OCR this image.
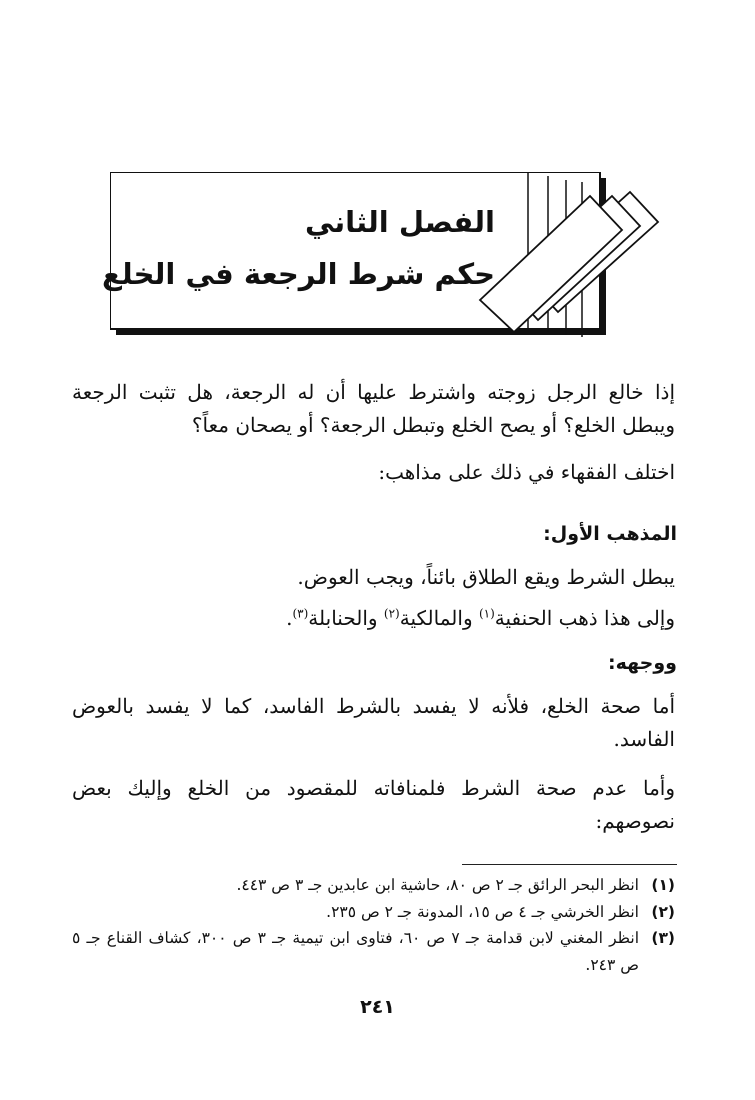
الفصل الثاني
حكم شرط الرجعة في الخلع
إذا خالع الرجل زوجته واشترط عليها أن له الرجعة، هل تثبت الرجعة ويبطل الخلع؟ أو يصح الخلع وتبطل الرجعة؟ أو يصحان معاً؟
اختلف الفقهاء في ذلك على مذاهب:
المذهب الأول:
يبطل الشرط ويقع الطلاق بائناً، ويجب العوض.
وإلى هذا ذهب الحنفية$^{(١)}$ والمالكية$^{(٢)}$ والحنابلة$^{(٣)}$.
ووجهه:
أما صحة الخلع، فلأنه لا يفسد بالشرط الفاسد، كما لا يفسد بالعوض الفاسد.
وأما عدم صحة الشرط فلمنافاته للمقصود من الخلع وإليك بعض نصوصهم:
(١)
انظر البحر الرائق جـ ٢ ص ٨٠، حاشية ابن عابدين جـ ٣ ص ٤٤٣.
(٢)
انظر الخرشي جـ ٤ ص ١٥، المدونة جـ ٢ ص ٢٣٥.
(٣)
انظر المغني لابن قدامة جـ ٧ ص ٦٠، فتاوى ابن تيمية جـ ٣ ص ٣٠٠، كشاف القناع جـ ٥ ص ٢٤٣.
٢٤١
